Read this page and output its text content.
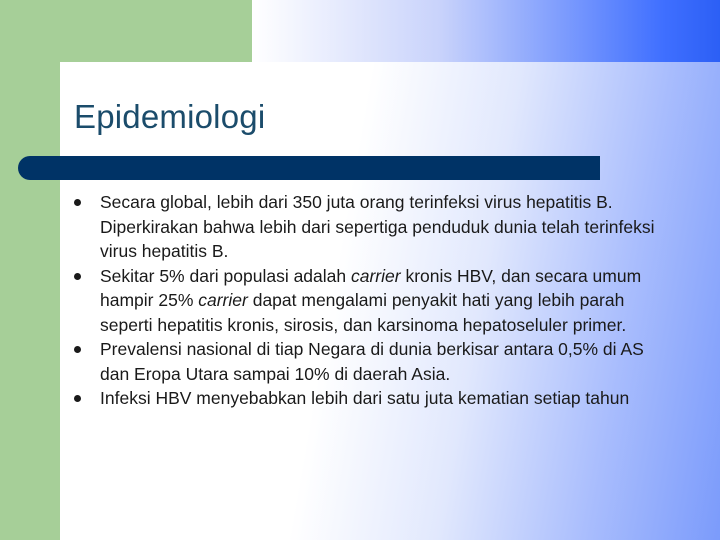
Epidemiologi
Secara global, lebih dari 350 juta orang terinfeksi virus hepatitis B. Diperkirakan bahwa lebih dari sepertiga penduduk dunia telah terinfeksi virus hepatitis B.
Sekitar 5% dari populasi adalah carrier kronis HBV, dan secara umum hampir 25% carrier dapat mengalami penyakit hati yang lebih parah seperti hepatitis kronis, sirosis, dan karsinoma hepatoseluler primer.
Prevalensi nasional di tiap Negara di dunia berkisar antara 0,5% di AS dan Eropa Utara sampai 10% di daerah Asia.
Infeksi HBV menyebabkan lebih dari satu juta kematian setiap tahun
